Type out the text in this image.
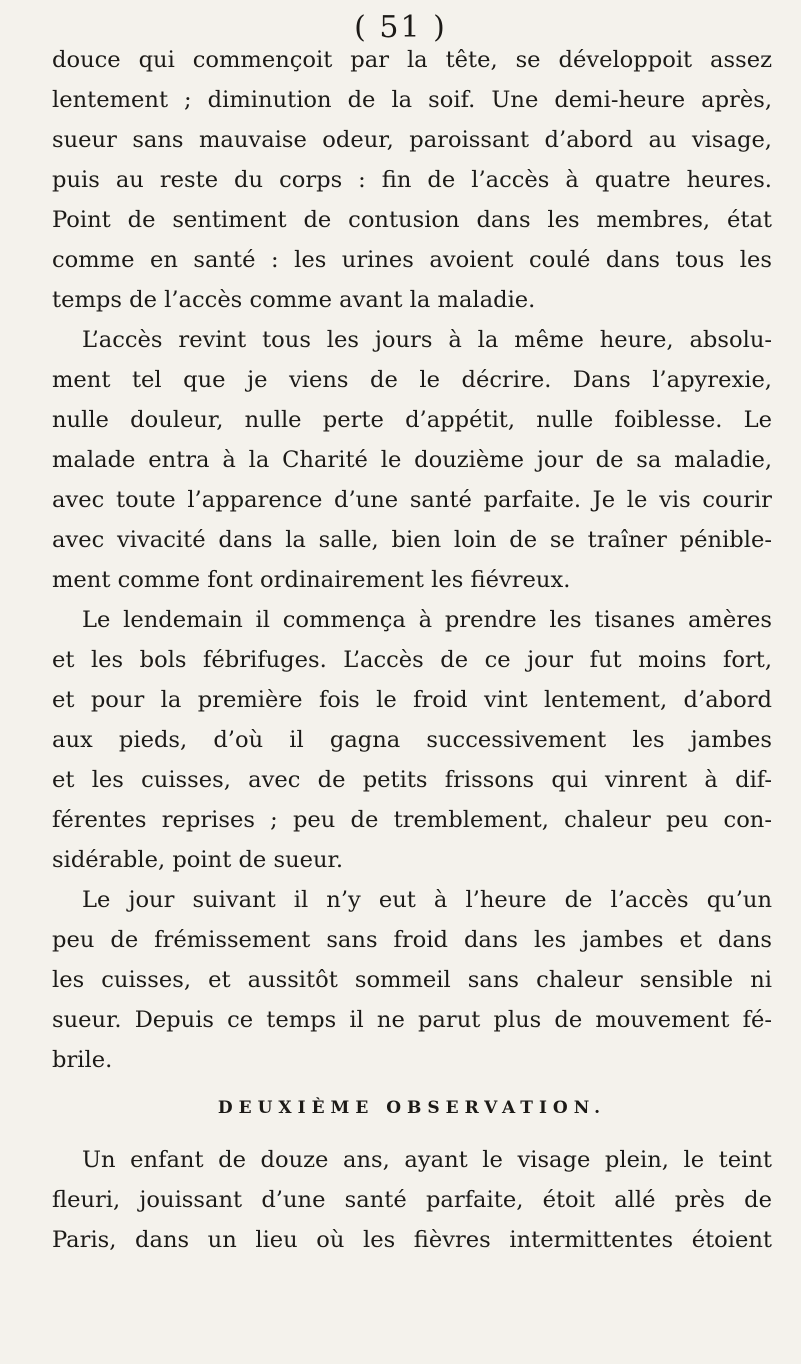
( 51 )
douce qui commençoit par la tête, se développoit assez
lentement ; diminution de la soif. Une demi-heure après,
sueur sans mauvaise odeur, paroissant d’abord au visage,
puis au reste du corps : fin de l’accès à quatre heures.
Point de sentiment de contusion dans les membres, état
comme en santé : les urines avoient coulé dans tous les
temps de l’accès comme avant la maladie.
L’accès revint tous les jours à la même heure, absolu-
ment tel que je viens de le décrire. Dans l’apyrexie,
nulle douleur, nulle perte d’appétit, nulle foiblesse. Le
malade entra à la Charité le douzième jour de sa maladie,
avec toute l’apparence d’une santé parfaite. Je le vis courir
avec vivacité dans la salle, bien loin de se traîner pénible-
ment comme font ordinairement les fiévreux.
Le lendemain il commença à prendre les tisanes amères
et les bols fébrifuges. L’accès de ce jour fut moins fort,
et pour la première fois le froid vint lentement, d’abord
aux pieds, d’où il gagna successivement les jambes
et les cuisses, avec de petits frissons qui vinrent à dif-
férentes reprises ; peu de tremblement, chaleur peu con-
sidérable, point de sueur.
Le jour suivant il n’y eut à l’heure de l’accès qu’un
peu de frémissement sans froid dans les jambes et dans
les cuisses, et aussitôt sommeil sans chaleur sensible ni
sueur. Depuis ce temps il ne parut plus de mouvement fé-
brile.
DEUXIÈME OBSERVATION.
Un enfant de douze ans, ayant le visage plein, le teint
fleuri, jouissant d’une santé parfaite, étoit allé près de
Paris, dans un lieu où les fièvres intermittentes étoient
